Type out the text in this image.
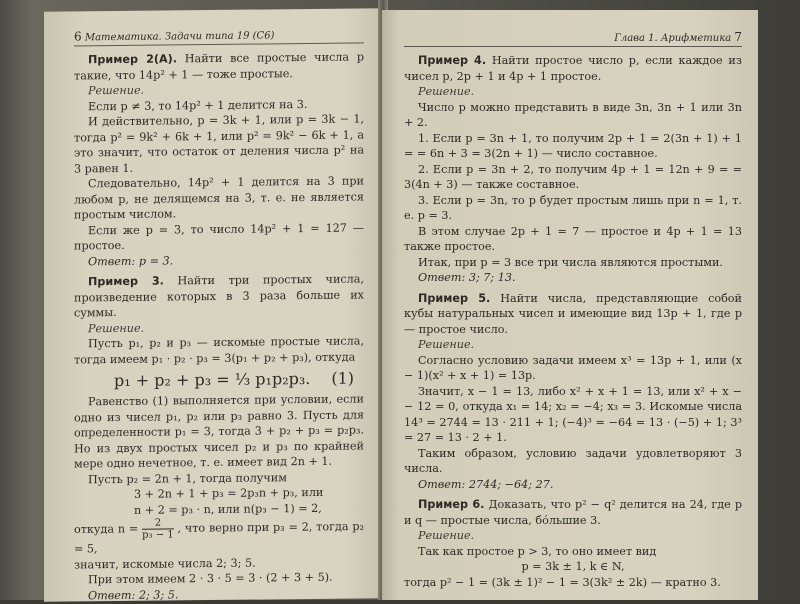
6 Математика. Задачи типа 19 (С6)

Пример 2(А). Найти все простые числа p такие, что 14p² + 1 — тоже простые.

Решение.

Если p ≠ 3, то 14p² + 1 делится на 3.

И действительно, p = 3k + 1, или p = 3k − 1, тогда p² = 9k² + 6k + 1, или p² = 9k² − 6k + 1, а это значит, что остаток от деления числа p² на 3 равен 1.

Следовательно, 14p² + 1 делится на 3 при любом p, не делящемся на 3, т. е. не является простым числом.

Если же p = 3, то число 14p² + 1 = 127 — простое.

Ответ: p = 3.

Пример 3. Найти три простых числа, произведение которых в 3 раза больше их суммы.

Решение.

Пусть p₁, p₂ и p₃ — искомые простые числа, тогда имеем p₁ · p₂ · p₃ = 3(p₁ + p₂ + p₃), откуда

p₁ + p₂ + p₃ = ⅓ p₁p₂p₃. (1)

Равенство (1) выполняется при условии, если одно из чисел p₁, p₂ или p₃ равно 3. Пусть для определенности p₁ = 3, тогда 3 + p₂ + p₃ = p₂p₃. Но из двух простых чисел p₂ и p₃ по крайней мере одно нечетное, т. е. имеет вид 2n + 1.

Пусть p₂ = 2n + 1, тогда получим

3 + 2n + 1 + p₃ = 2p₃n + p₃, или

n + 2 = p₃ · n, или n(p₃ − 1) = 2,

откуда $n = \frac{2}{\text{p₃ − 1}}$ , что верно при p₃ = 2, тогда p₂ = 5,

значит, искомые числа 2; 3; 5.

При этом имеем 2 · 3 · 5 = 3 · (2 + 3 + 5).

Ответ: 2; 3; 5.

Глава 1. Арифметика 7

Пример 4. Найти простое число p, если каждое из чисел p, 2p + 1 и 4p + 1 простое.

Решение.

Число p можно представить в виде 3n, 3n + 1 или 3n + 2.

1. Если p = 3n + 1, то получим 2p + 1 = 2(3n + 1) + 1 = = 6n + 3 = 3(2n + 1) — число составное.

2. Если p = 3n + 2, то получим 4p + 1 = 12n + 9 = = 3(4n + 3) — также составное.

3. Если p = 3n, то p будет простым лишь при n = 1, т. е. p = 3.

В этом случае 2p + 1 = 7 — простое и 4p + 1 = 13 также простое.

Итак, при p = 3 все три числа являются простыми.

Ответ: 3; 7; 13.

Пример 5. Найти числа, представляющие собой кубы натуральных чисел и имеющие вид 13p + 1, где p — простое число.

Решение.

Согласно условию задачи имеем x³ = 13p + 1, или (x − 1)(x² + x + 1) = 13p.

Значит, x − 1 = 13, либо x² + x + 1 = 13, или x² + x − − 12 = 0, откуда x₁ = 14; x₂ = −4; x₃ = 3. Искомые числа 14³ = 2744 = 13 · 211 + 1; (−4)³ = −64 = 13 · (−5) + 1; 3³ = 27 = 13 · 2 + 1.

Таким образом, условию задачи удовлетворяют 3 числа.

Ответ: 2744; −64; 27.

Пример 6. Доказать, что p² − q² делится на 24, где p и q — простые числа, бо́льшие 3.

Решение.

Так как простое p > 3, то оно имеет вид

p = 3k ± 1, k ∈ N,

тогда p² − 1 = (3k ± 1)² − 1 = 3(3k² ± 2k) — кратно 3.
